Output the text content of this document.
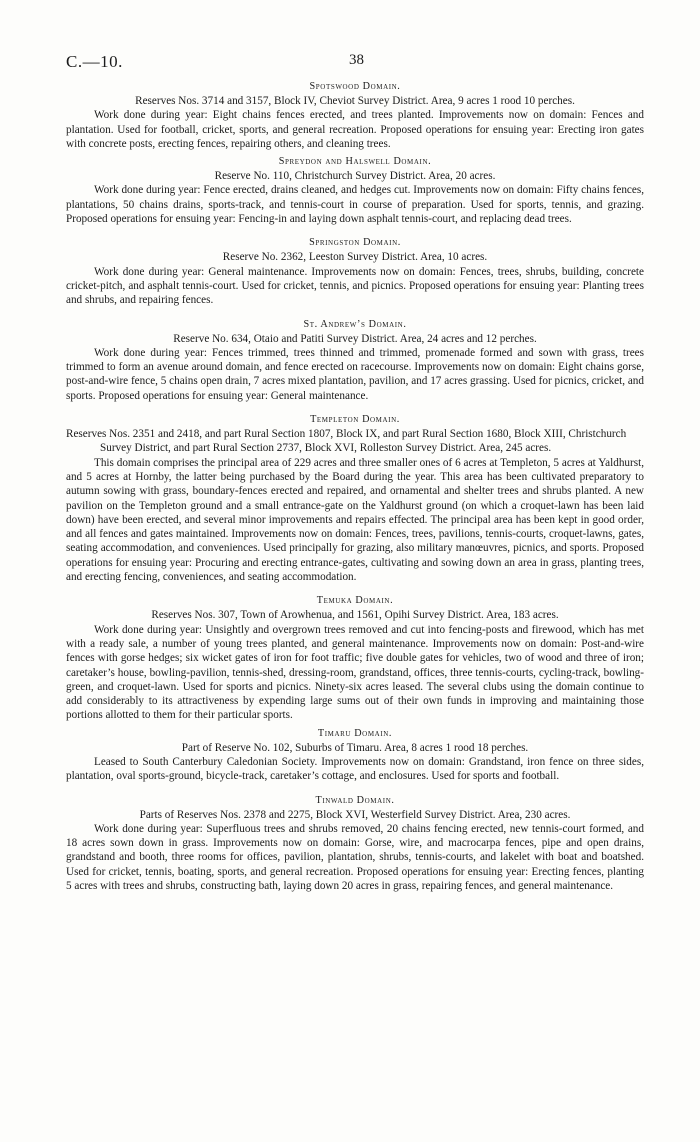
C.—10.	38

Spotswood Domain.

Reserves Nos. 3714 and 3157, Block IV, Cheviot Survey District. Area, 9 acres 1 rood 10 perches.

Work done during year: Eight chains fences erected, and trees planted. Improvements now on domain: Fences and plantation. Used for football, cricket, sports, and general recreation. Proposed operations for ensuing year: Erecting iron gates with concrete posts, erecting fences, repairing others, and cleaning trees.

Spreydon and Halswell Domain.

Reserve No. 110, Christchurch Survey District. Area, 20 acres.

Work done during year: Fence erected, drains cleaned, and hedges cut. Improvements now on domain: Fifty chains fences, plantations, 50 chains drains, sports-track, and tennis-court in course of preparation. Used for sports, tennis, and grazing. Proposed operations for ensuing year: Fencing-in and laying down asphalt tennis-court, and replacing dead trees.

Springston Domain.

Reserve No. 2362, Leeston Survey District. Area, 10 acres.

Work done during year: General maintenance. Improvements now on domain: Fences, trees, shrubs, building, concrete cricket-pitch, and asphalt tennis-court. Used for cricket, tennis, and picnics. Proposed operations for ensuing year: Planting trees and shrubs, and repairing fences.

St. Andrew’s Domain.

Reserve No. 634, Otaio and Patiti Survey District. Area, 24 acres and 12 perches.

Work done during year: Fences trimmed, trees thinned and trimmed, promenade formed and sown with grass, trees trimmed to form an avenue around domain, and fence erected on racecourse. Improvements now on domain: Eight chains gorse, post-and-wire fence, 5 chains open drain, 7 acres mixed plantation, pavilion, and 17 acres grassing. Used for picnics, cricket, and sports. Proposed operations for ensuing year: General maintenance.

Templeton Domain.

Reserves Nos. 2351 and 2418, and part Rural Section 1807, Block IX, and part Rural Section 1680, Block XIII, Christchurch Survey District, and part Rural Section 2737, Block XVI, Rolleston Survey District. Area, 245 acres.

This domain comprises the principal area of 229 acres and three smaller ones of 6 acres at Templeton, 5 acres at Yaldhurst, and 5 acres at Hornby, the latter being purchased by the Board during the year. This area has been cultivated preparatory to autumn sowing with grass, boundary-fences erected and repaired, and ornamental and shelter trees and shrubs planted. A new pavilion on the Templeton ground and a small entrance-gate on the Yaldhurst ground (on which a croquet-lawn has been laid down) have been erected, and several minor improvements and repairs effected. The principal area has been kept in good order, and all fences and gates maintained. Improvements now on domain: Fences, trees, pavilions, tennis-courts, croquet-lawns, gates, seating accommodation, and conveniences. Used principally for grazing, also military manœuvres, picnics, and sports. Proposed operations for ensuing year: Procuring and erecting entrance-gates, cultivating and sowing down an area in grass, planting trees, and erecting fencing, conveniences, and seating accommodation.

Temuka Domain.

Reserves Nos. 307, Town of Arowhenua, and 1561, Opihi Survey District. Area, 183 acres.

Work done during year: Unsightly and overgrown trees removed and cut into fencing-posts and firewood, which has met with a ready sale, a number of young trees planted, and general maintenance. Improvements now on domain: Post-and-wire fences with gorse hedges; six wicket gates of iron for foot traffic; five double gates for vehicles, two of wood and three of iron; caretaker’s house, bowling-pavilion, tennis-shed, dressing-room, grandstand, offices, three tennis-courts, cycling-track, bowling-green, and croquet-lawn. Used for sports and picnics. Ninety-six acres leased. The several clubs using the domain continue to add considerably to its attractiveness by expending large sums out of their own funds in improving and maintaining those portions allotted to them for their particular sports.

Timaru Domain.

Part of Reserve No. 102, Suburbs of Timaru. Area, 8 acres 1 rood 18 perches.

Leased to South Canterbury Caledonian Society. Improvements now on domain: Grandstand, iron fence on three sides, plantation, oval sports-ground, bicycle-track, caretaker’s cottage, and enclosures. Used for sports and football.

Tinwald Domain.

Parts of Reserves Nos. 2378 and 2275, Block XVI, Westerfield Survey District. Area, 230 acres.

Work done during year: Superfluous trees and shrubs removed, 20 chains fencing erected, new tennis-court formed, and 18 acres sown down in grass. Improvements now on domain: Gorse, wire, and macrocarpa fences, pipe and open drains, grandstand and booth, three rooms for offices, pavilion, plantation, shrubs, tennis-courts, and lakelet with boat and boatshed. Used for cricket, tennis, boating, sports, and general recreation. Proposed operations for ensuing year: Erecting fences, planting 5 acres with trees and shrubs, constructing bath, laying down 20 acres in grass, repairing fences, and general maintenance.
